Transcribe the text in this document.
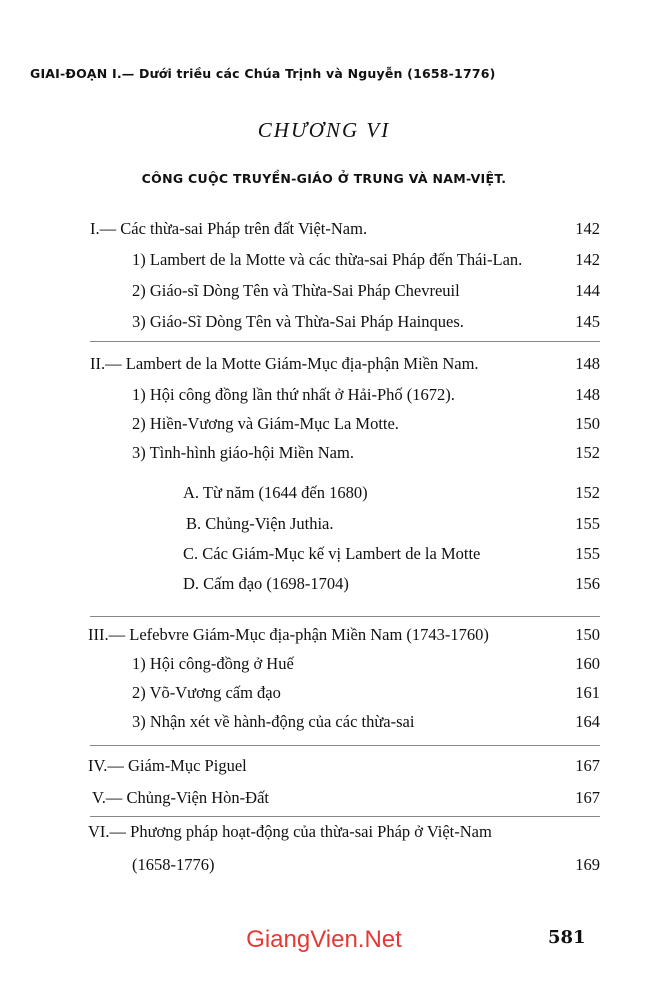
GIAI-ĐOẠN I.— Dưới triều các Chúa Trịnh và Nguyễn (1658-1776)
CHƯƠNG VI
CÔNG CUỘC TRUYỀN-GIÁO Ở TRUNG VÀ NAM-VIỆT.
I.— Các thừa-sai Pháp trên đất Việt-Nam.	142
1) Lambert de la Motte và các thừa-sai Pháp đến Thái-Lan.	142
2) Giáo-sĩ Dòng Tên và Thừa-Sai Pháp Chevreuil	144
3) Giáo-Sĩ Dòng Tên và Thừa-Sai Pháp Hainques.	145
II.— Lambert de la Motte Giám-Mục địa-phận Miền Nam.	148
1) Hội công đồng lần thứ nhất ở Hải-Phố (1672).	148
2) Hiền-Vương và Giám-Mục La Motte.	150
3) Tình-hình giáo-hội Miền Nam.	152
A. Từ năm (1644 đến 1680)	152
B. Chủng-Viện Juthia.	155
C. Các Giám-Mục kế vị Lambert de la Motte	155
D. Cấm đạo (1698-1704)	156
III.— Lefebvre Giám-Mục địa-phận Miền Nam (1743-1760)	150
1) Hội công-đồng ở Huế	160
2) Võ-Vương cấm đạo	161
3) Nhận xét về hành-động của các thừa-sai	164
IV.— Giám-Mục Piguel	167
V.— Chủng-Viện Hòn-Đất	167
VI.— Phương pháp hoạt-động của thừa-sai Pháp ở Việt-Nam
(1658-1776)	169
GiangVien.Net	581
